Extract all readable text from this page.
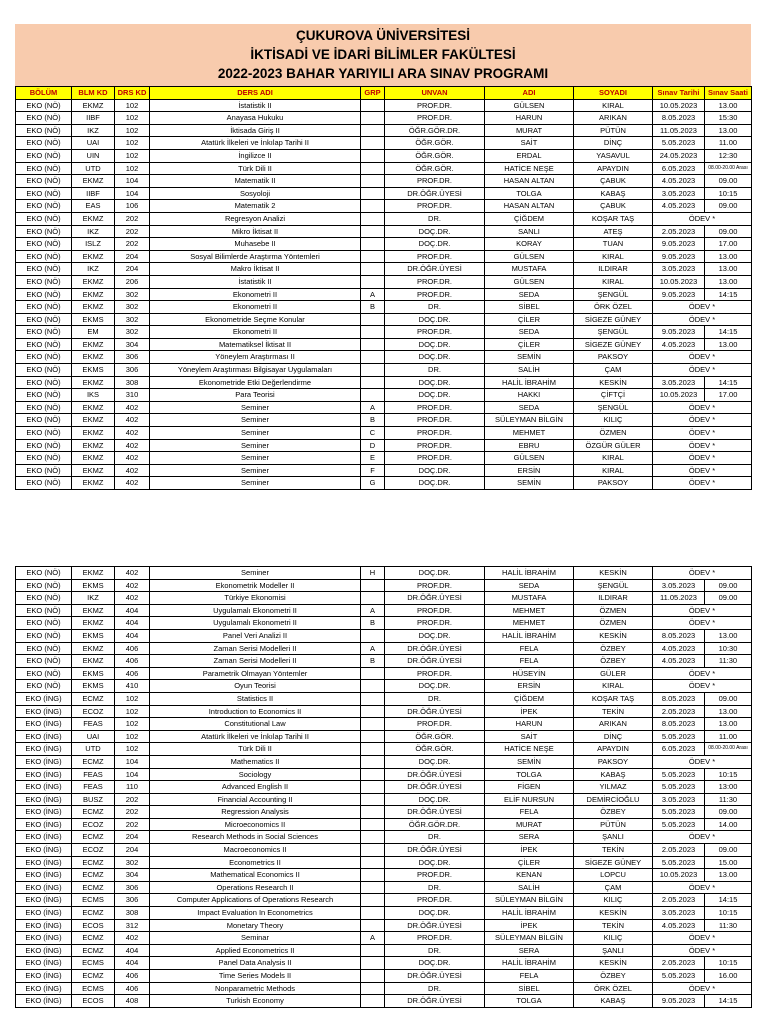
ÇUKUROVA ÜNİVERSİTESİ
İKTİSADİ VE İDARİ BİLİMLER FAKÜLTESİ
2022-2023 BAHAR YARIYILI ARA SINAV PROGRAMI
BÖLÜM	BLM KD	DRS KD	DERS ADI	GRP	UNVAN	ADI	SOYADI	Sınav Tarihi	Sınav Saati
EKO (NÖ)	EKMZ	102	İstatistik II		PROF.DR.	GÜLSEN	KIRAL	10.05.2023	13.00
EKO (NÖ)	IIBF	102	Anayasa Hukuku		PROF.DR.	HARUN	ARIKAN	8.05.2023	15:30
EKO (NÖ)	IKZ	102	İktisada Giriş II		ÖĞR.GÖR.DR.	MURAT	PÜTÜN	11.05.2023	13.00
EKO (NÖ)	UAI	102	Atatürk İlkeleri ve İnkılap Tarihi II		ÖĞR.GÖR.	SAİT	DİNÇ	5.05.2023	11.00
EKO (NÖ)	UIN	102	İngilizce II		ÖĞR.GÖR.	ERDAL	YASAVUL	24.05.2023	12:30
EKO (NÖ)	UTD	102	Türk Dili II		ÖĞR.GÖR.	HATİCE NEŞE	APAYDIN	6.05.2023	08.00-20.00 Arası
EKO (NÖ)	EKMZ	104	Matematik II		PROF.DR.	HASAN ALTAN	ÇABUK	4.05.2023	09.00
EKO (NÖ)	IIBF	104	Sosyoloji		DR.ÖĞR.ÜYESİ	TOLGA	KABAŞ	3.05.2023	10:15
EKO (NÖ)	EAS	106	Matematik 2		PROF.DR.	HASAN ALTAN	ÇABUK	4.05.2023	09.00
EKO (NÖ)	EKMZ	202	Regresyon Analizi		DR.	ÇİĞDEM	KOŞAR TAŞ	ÖDEV *	
EKO (NÖ)	IKZ	202	Mikro İktisat II		DOÇ.DR.	SANLI	ATEŞ	2.05.2023	09.00
EKO (NÖ)	ISLZ	202	Muhasebe II		DOÇ.DR.	KORAY	TUAN	9.05.2023	17.00
EKO (NÖ)	EKMZ	204	Sosyal Bilimlerde Araştırma Yöntemleri		PROF.DR.	GÜLSEN	KIRAL	9.05.2023	13.00
EKO (NÖ)	IKZ	204	Makro İktisat II		DR.ÖĞR.ÜYESİ	MUSTAFA	ILDIRAR	3.05.2023	13.00
EKO (NÖ)	EKMZ	206	İstatistik II		PROF.DR.	GÜLSEN	KIRAL	10.05.2023	13.00
EKO (NÖ)	EKMZ	302	Ekonometri II	A	PROF.DR.	SEDA	ŞENGÜL	9.05.2023	14:15
EKO (NÖ)	EKMZ	302	Ekonometri II	B	DR.	SİBEL	ÖRK ÖZEL	ÖDEV *	
EKO (NÖ)	EKMS	302	Ekonometride Seçme Konular		DOÇ.DR.	ÇİLER	SİGEZE GÜNEY	ÖDEV *	
EKO (NÖ)	EM	302	Ekonometri II		PROF.DR.	SEDA	ŞENGÜL	9.05.2023	14:15
EKO (NÖ)	EKMZ	304	Matematiksel İktisat II		DOÇ.DR.	ÇİLER	SİGEZE GÜNEY	4.05.2023	13.00
EKO (NÖ)	EKMZ	306	Yöneylem Araştırması II		DOÇ.DR.	SEMİN	PAKSOY	ÖDEV *	
EKO (NÖ)	EKMS	306	Yöneylem Araştırması Bilgisayar Uygulamaları		DR.	SALİH	ÇAM	ÖDEV *	
EKO (NÖ)	EKMZ	308	Ekonometride Etki Değerlendirme		DOÇ.DR.	HALİL İBRAHİM	KESKİN	3.05.2023	14:15
EKO (NÖ)	IKS	310	Para Teorisi		DOÇ.DR.	HAKKI	ÇİFTÇİ	10.05.2023	17.00
EKO (NÖ)	EKMZ	402	Seminer	A	PROF.DR.	SEDA	ŞENGÜL	ÖDEV *	
EKO (NÖ)	EKMZ	402	Seminer	B	PROF.DR.	SÜLEYMAN BİLGİN	KILIÇ	ÖDEV *	
EKO (NÖ)	EKMZ	402	Seminer	C	PROF.DR.	MEHMET	ÖZMEN	ÖDEV *	
EKO (NÖ)	EKMZ	402	Seminer	D	PROF.DR.	EBRU	ÖZGÜR GÜLER	ÖDEV *	
EKO (NÖ)	EKMZ	402	Seminer	E	PROF.DR.	GÜLSEN	KIRAL	ÖDEV *	
EKO (NÖ)	EKMZ	402	Seminer	F	DOÇ.DR.	ERSİN	KIRAL	ÖDEV *	
EKO (NÖ)	EKMZ	402	Seminer	G	DOÇ.DR.	SEMİN	PAKSOY	ÖDEV *	
EKO (NÖ)	EKMZ	402	Seminer	H	DOÇ.DR.	HALİL İBRAHİM	KESKİN	ÖDEV *	
EKO (NÖ)	EKMS	402	Ekonometrik Modeller II		PROF.DR.	SEDA	ŞENGÜL	3.05.2023	09.00
EKO (NÖ)	IKZ	402	Türkiye Ekonomisi		DR.ÖĞR.ÜYESİ	MUSTAFA	ILDIRAR	11.05.2023	09.00
EKO (NÖ)	EKMZ	404	Uygulamalı Ekonometri II	A	PROF.DR.	MEHMET	ÖZMEN	ÖDEV *	
EKO (NÖ)	EKMZ	404	Uygulamalı Ekonometri II	B	PROF.DR.	MEHMET	ÖZMEN	ÖDEV *	
EKO (NÖ)	EKMS	404	Panel Veri Analizi II		DOÇ.DR.	HALİL İBRAHİM	KESKİN	8.05.2023	13.00
EKO (NÖ)	EKMZ	406	Zaman Serisi Modelleri II	A	DR.ÖĞR.ÜYESİ	FELA	ÖZBEY	4.05.2023	10:30
EKO (NÖ)	EKMZ	406	Zaman Serisi Modelleri II	B	DR.ÖĞR.ÜYESİ	FELA	ÖZBEY	4.05.2023	11:30
EKO (NÖ)	EKMS	406	Parametrik Olmayan Yöntemler		PROF.DR.	HÜSEYİN	GÜLER	ÖDEV *	
EKO (NÖ)	EKMS	410	Oyun Teorisi		DOÇ.DR.	ERSİN	KIRAL	ÖDEV *	
EKO (İNG)	ECMZ	102	Statistics II		DR.	ÇİĞDEM	KOŞAR TAŞ	8.05.2023	09.00
EKO (İNG)	ECOZ	102	Introduction to Economics II		DR.ÖĞR.ÜYESİ	İPEK	TEKİN	2.05.2023	13.00
EKO (İNG)	FEAS	102	Constitutional Law		PROF.DR.	HARUN	ARIKAN	8.05.2023	13.00
EKO (İNG)	UAI	102	Atatürk İlkeleri ve İnkılap Tarihi II		ÖĞR.GÖR.	SAİT	DİNÇ	5.05.2023	11.00
EKO (İNG)	UTD	102	Türk Dili II		ÖĞR.GÖR.	HATİCE NEŞE	APAYDIN	6.05.2023	08.00-20.00 Arası
EKO (İNG)	ECMZ	104	Mathematics II		DOÇ.DR.	SEMİN	PAKSOY	ÖDEV *	
EKO (İNG)	FEAS	104	Sociology		DR.ÖĞR.ÜYESİ	TOLGA	KABAŞ	5.05.2023	10:15
EKO (İNG)	FEAS	110	Advanced English II		DR.ÖĞR.ÜYESİ	FİGEN	YILMAZ	5.05.2023	13:00
EKO (İNG)	BUSZ	202	Financial Accounting II		DOÇ.DR.	ELİF NURSUN	DEMİRCİOĞLU	3.05.2023	11:30
EKO (İNG)	ECMZ	202	Regression Analysis		DR.ÖĞR.ÜYESİ	FELA	ÖZBEY	5.05.2023	09.00
EKO (İNG)	ECOZ	202	Microeconomics II		ÖĞR.GÖR.DR.	MURAT	PÜTÜN	5.05.2023	14.00
EKO (İNG)	ECMZ	204	Research Methods in Social Sciences		DR.	SERA	ŞANLI	ÖDEV *	
EKO (İNG)	ECOZ	204	Macroeconomics II		DR.ÖĞR.ÜYESİ	İPEK	TEKİN	2.05.2023	09.00
EKO (İNG)	ECMZ	302	Econometrics II		DOÇ.DR.	ÇİLER	SİGEZE GÜNEY	5.05.2023	15.00
EKO (İNG)	ECMZ	304	Mathematical Economics II		PROF.DR.	KENAN	LOPCU	10.05.2023	13.00
EKO (İNG)	ECMZ	306	Operations Research II		DR.	SALİH	ÇAM	ÖDEV *	
EKO (İNG)	ECMS	306	Computer Applications of Operations Research		PROF.DR.	SÜLEYMAN BİLGİN	KILIÇ	2.05.2023	14:15
EKO (İNG)	ECMZ	308	Impact Evaluation In Econometrics		DOÇ.DR.	HALİL İBRAHİM	KESKİN	3.05.2023	10:15
EKO (İNG)	ECOS	312	Monetary Theory		DR.ÖĞR.ÜYESİ	İPEK	TEKİN	4.05.2023	11:30
EKO (İNG)	ECMZ	402	Seminar	A	PROF.DR.	SÜLEYMAN BİLGİN	KILIÇ	ÖDEV *	
EKO (İNG)	ECMZ	404	Applied Econometrics II		DR.	SERA	ŞANLI	ÖDEV *	
EKO (İNG)	ECMS	404	Panel Data Analysis II		DOÇ.DR.	HALİL İBRAHİM	KESKİN	2.05.2023	10:15
EKO (İNG)	ECMZ	406	Time Series Models II		DR.ÖĞR.ÜYESİ	FELA	ÖZBEY	5.05.2023	16.00
EKO (İNG)	ECMS	406	Nonparametric Methods		DR.	SİBEL	ÖRK ÖZEL	ÖDEV *	
EKO (İNG)	ECOS	408	Turkish Economy		DR.ÖĞR.ÜYESİ	TOLGA	KABAŞ	9.05.2023	14:15
